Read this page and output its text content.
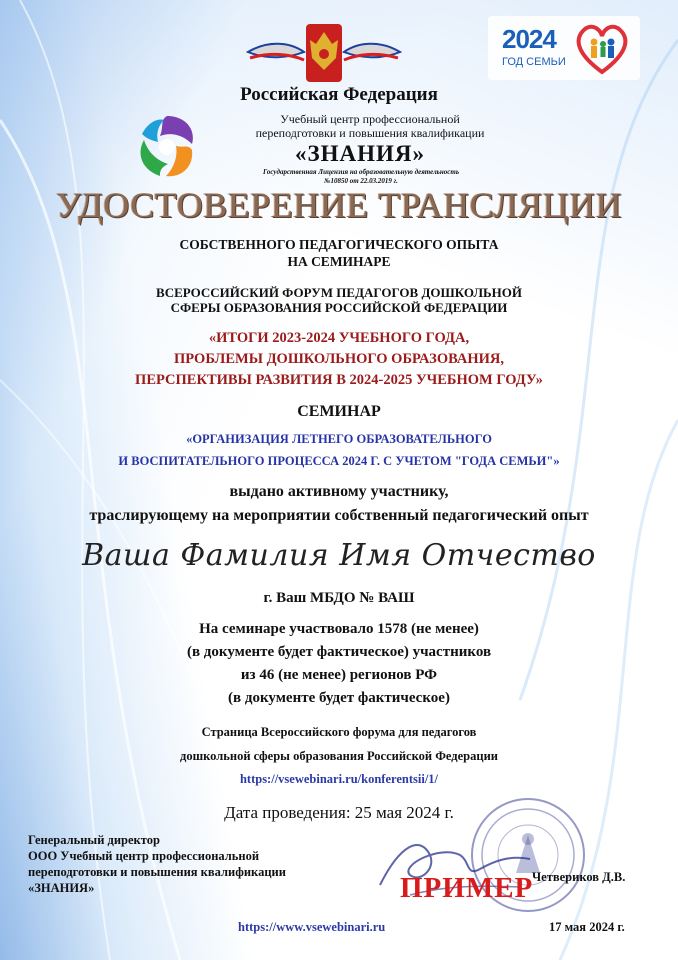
2024
ГОД СЕМЬИ
Российская Федерация
Учебный центр профессиональной
переподготовки и повышения квалификации
«ЗНАНИЯ»
Государственная Лицензия на образовательную деятельность
№10850 от 22.03.2019 г.
УДОСТОВЕРЕНИЕ ТРАНСЛЯЦИИ
СОБСТВЕННОГО ПЕДАГОГИЧЕСКОГО ОПЫТА
НА СЕМИНАРЕ
ВСЕРОССИЙСКИЙ ФОРУМ ПЕДАГОГОВ ДОШКОЛЬНОЙ
СФЕРЫ ОБРАЗОВАНИЯ РОССИЙСКОЙ ФЕДЕРАЦИИ
«ИТОГИ 2023-2024 УЧЕБНОГО ГОДА,
ПРОБЛЕМЫ ДОШКОЛЬНОГО ОБРАЗОВАНИЯ,
ПЕРСПЕКТИВЫ РАЗВИТИЯ В 2024-2025 УЧЕБНОМ ГОДУ»
СЕМИНАР
«ОРГАНИЗАЦИЯ ЛЕТНЕГО ОБРАЗОВАТЕЛЬНОГО
И ВОСПИТАТЕЛЬНОГО ПРОЦЕССА 2024 Г. С УЧЕТОМ "ГОДА СЕМЬИ"»
выдано активному участнику,
траслирующему на мероприятии собственный педагогический опыт
Ваша Фамилия Имя Отчество
г. Ваш МБДО № ВАШ
На семинаре участвовало 1578 (не менее)
(в документе будет фактическое) участников
из 46 (не менее) регионов РФ
(в документе будет фактическое)
Страница Всероссийского форума для педагогов
дошкольной сферы образования Российской Федерации
https://vsewebinari.ru/konferentsii/1/
Дата проведения: 25 мая 2024 г.
Генеральный директор
ООО Учебный центр профессиональной
переподготовки и повышения квалификации
«ЗНАНИЯ»	ПРИМЕР
Четвериков Д.В.
https://www.vsewebinari.ru	17 мая 2024 г.
